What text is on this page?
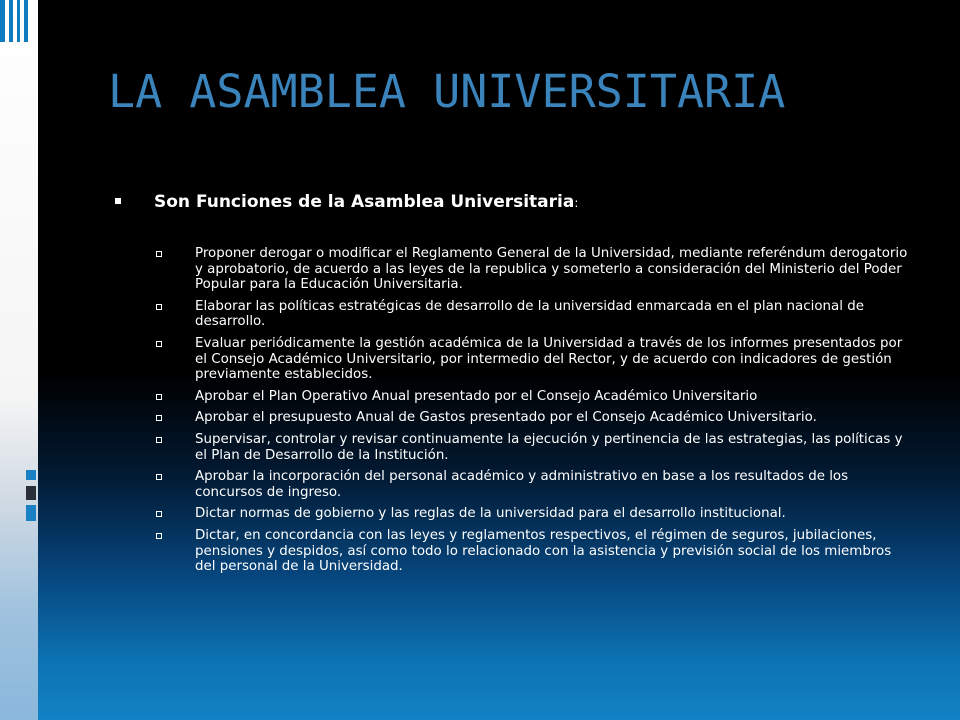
LA ASAMBLEA UNIVERSITARIA
Son Funciones de la Asamblea Universitaria:
Proponer derogar o modificar el Reglamento General de la Universidad, mediante referéndum derogatorio y aprobatorio, de acuerdo a las leyes de la republica y someterlo a consideración del Ministerio del Poder Popular para la Educación Universitaria.
Elaborar las políticas estratégicas de desarrollo de la universidad enmarcada en el plan nacional de desarrollo.
Evaluar periódicamente la gestión académica de la Universidad a través de los informes presentados por el Consejo Académico Universitario, por intermedio del Rector, y de acuerdo con indicadores de gestión previamente establecidos.
Aprobar el Plan Operativo Anual presentado por el Consejo Académico Universitario
Aprobar el presupuesto Anual de Gastos presentado por el Consejo Académico Universitario.
Supervisar, controlar y revisar continuamente la ejecución y pertinencia de las estrategias, las políticas y el Plan de Desarrollo de la Institución.
Aprobar la incorporación del personal académico y administrativo en base a los resultados de los concursos de ingreso.
Dictar normas de gobierno y las reglas de la universidad para el desarrollo institucional.
Dictar, en concordancia con las leyes y reglamentos respectivos, el régimen de seguros, jubilaciones, pensiones y despidos, así como todo lo relacionado con la asistencia y previsión social de los miembros del personal de la Universidad.
